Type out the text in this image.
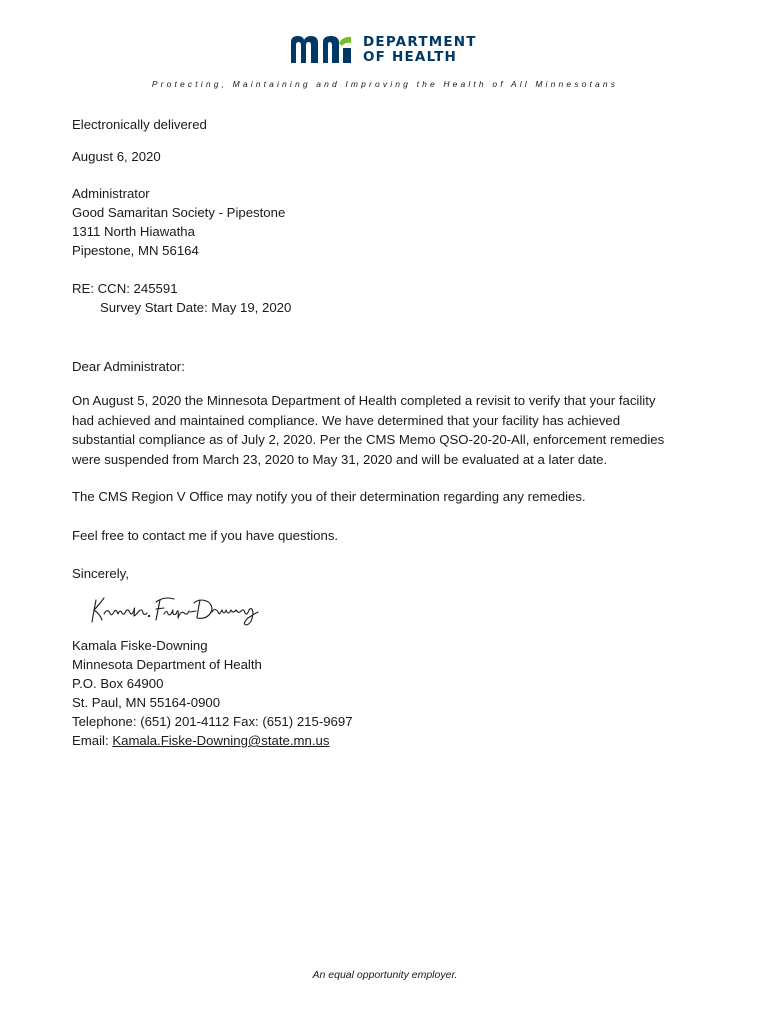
DEPARTMENT
OF HEALTH
Protecting, Maintaining and Improving the Health of All Minnesotans
Electronically delivered
August 6, 2020
Administrator
Good Samaritan Society - Pipestone
1311 North Hiawatha
Pipestone, MN 56164
RE: CCN: 245591
Survey Start Date: May 19, 2020
Dear Administrator:
On August 5, 2020 the Minnesota Department of Health completed a revisit to verify that your facility
had achieved and maintained compliance. We have determined that your facility has achieved
substantial compliance as of July 2, 2020. Per the CMS Memo QSO-20-20-All, enforcement remedies
were suspended from March 23, 2020 to May 31, 2020 and will be evaluated at a later date.
The CMS Region V Office may notify you of their determination regarding any remedies.
Feel free to contact me if you have questions.
Sincerely,
Kamala Fiske-Downing
Minnesota Department of Health
P.O. Box 64900
St. Paul, MN 55164-0900
Telephone: (651) 201-4112 Fax: (651) 215-9697
Email: Kamala.Fiske-Downing@state.mn.us
An equal opportunity employer.
